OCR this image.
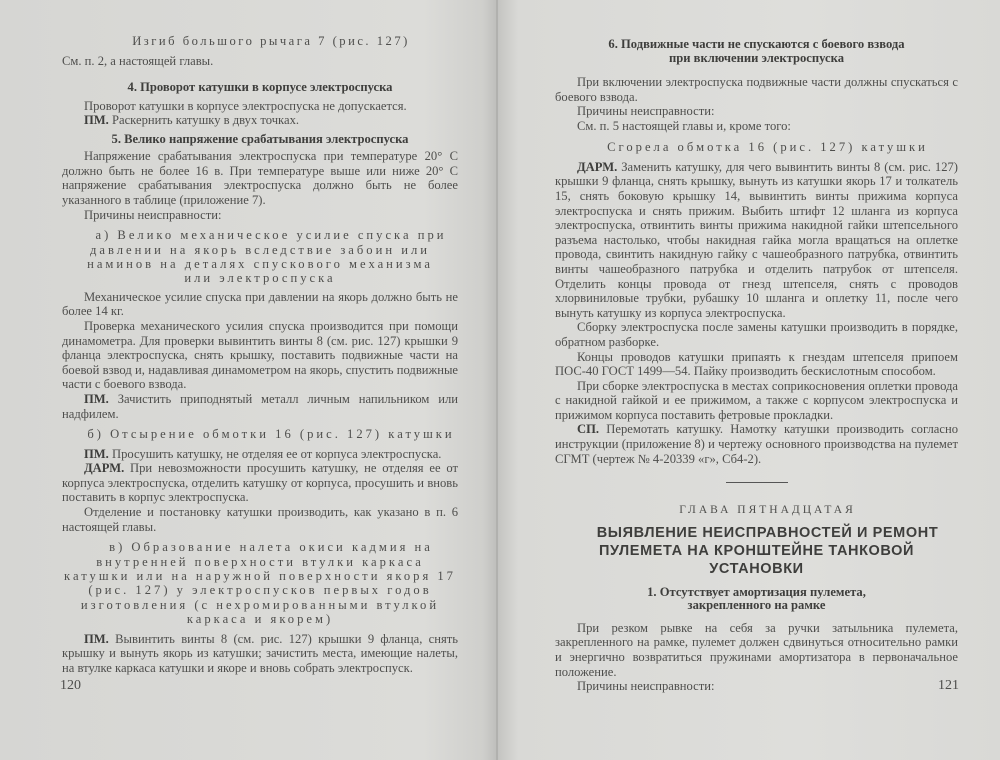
Изгиб большого рычага 7 (рис. 127)

См. п. 2, а настоящей главы.

4. Проворот катушки в корпусе электроспуска

Проворот катушки в корпусе электроспуска не допускается.

ПМ. Раскернить катушку в двух точках.

5. Велико напряжение срабатывания электроспуска

Напряжение срабатывания электроспуска при температуре 20° С должно быть не более 16 в. При температуре выше или ниже 20° С напряжение срабатывания электроспуска должно быть не более указанного в таблице (приложение 7).

Причины неисправности:

а) Велико механическое усилие спуска при давлении на якорь вследствие забоин или наминов на деталях спускового механизма или электроспуска

Механическое усилие спуска при давлении на якорь должно быть не более 14 кг.

Проверка механического усилия спуска производится при помощи динамометра. Для проверки вывинтить винты 8 (см. рис. 127) крышки 9 фланца электроспуска, снять крышку, поставить подвижные части на боевой взвод и, надавливая динамометром на якорь, спустить подвижные части с боевого взвода.

ПМ. Зачистить приподнятый металл личным напильником или надфилем.

б) Отсырение обмотки 16 (рис. 127) катушки

ПМ. Просушить катушку, не отделяя ее от корпуса электроспуска.

ДАРМ. При невозможности просушить катушку, не отделяя ее от корпуса электроспуска, отделить катушку от корпуса, просушить и вновь поставить в корпус электроспуска.

Отделение и постановку катушки производить, как указано в п. 6 настоящей главы.

в) Образование налета окиси кадмия на внутренней поверхности втулки каркаса катушки или на наружной поверхности якоря 17 (рис. 127) у электроспусков первых годов изготовления (с нехромированными втулкой каркаса и якорем)

ПМ. Вывинтить винты 8 (см. рис. 127) крышки 9 фланца, снять крышку и вынуть якорь из катушки; зачистить места, имеющие налеты, на втулке каркаса катушки и якоре и вновь собрать электроспуск.

120
6. Подвижные части не спускаются с боевого взвода при включении электроспуска

При включении электроспуска подвижные части должны спускаться с боевого взвода.

Причины неисправности:

См. п. 5 настоящей главы и, кроме того:

Сгорела обмотка 16 (рис. 127) катушки

ДАРМ. Заменить катушку, для чего вывинтить винты 8 (см. рис. 127) крышки 9 фланца, снять крышку, вынуть из катушки якорь 17 и толкатель 15, снять боковую крышку 14, вывинтить винты прижима корпуса электроспуска и снять прижим. Выбить штифт 12 шланга из корпуса электроспуска, отвинтить винты прижима накидной гайки штепсельного разъема настолько, чтобы накидная гайка могла вращаться на оплетке провода, свинтить накидную гайку с чашеобразного патрубка, отвинтить винты чашеобразного патрубка и отделить патрубок от штепселя. Отделить концы провода от гнезд штепселя, снять с проводов хлорвиниловые трубки, рубашку 10 шланга и оплетку 11, после чего вынуть катушку из корпуса электроспуска.

Сборку электроспуска после замены катушки производить в порядке, обратном разборке.

Концы проводов катушки припаять к гнездам штепселя припоем ПОС-40 ГОСТ 1499—54. Пайку производить бескислотным способом.

При сборке электроспуска в местах соприкосновения оплетки провода с накидной гайкой и ее прижимом, а также с корпусом электроспуска и прижимом корпуса поставить фетровые прокладки.

СП. Перемотать катушку. Намотку катушки производить согласно инструкции (приложение 8) и чертежу основного производства на пулемет СГМТ (чертеж № 4-20339 «г», Сб4-2).

ГЛАВА ПЯТНАДЦАТАЯ

ВЫЯВЛЕНИЕ НЕИСПРАВНОСТЕЙ И РЕМОНТ ПУЛЕМЕТА НА КРОНШТЕЙНЕ ТАНКОВОЙ УСТАНОВКИ

1. Отсутствует амортизация пулемета, закрепленного на рамке

При резком рывке на себя за ручки затыльника пулемета, закрепленного на рамке, пулемет должен сдвинуться относительно рамки и энергично возвратиться пружинами амортизатора в первоначальное положение.

Причины неисправности:	121
